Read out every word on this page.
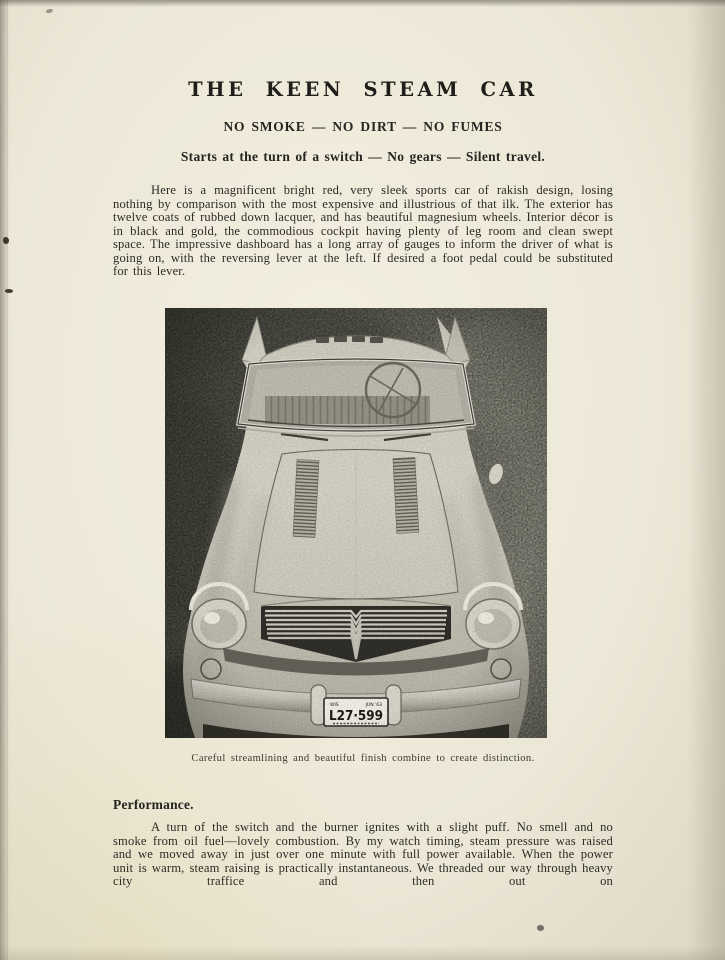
THE KEEN STEAM CAR
NO SMOKE — NO DIRT — NO FUMES
Starts at the turn of a switch — No gears — Silent travel.

Here is a magnificent bright red, very sleek sports car of rakish design, losing nothing by comparison with the most expensive and illustrious of that ilk. The exterior has twelve coats of rubbed down lacquer, and has beautiful magnesium wheels. Interior décor is in black and gold, the commodious cockpit having plenty of leg room and clean swept space. The impressive dashboard has a long array of gauges to inform the driver of what is going on, with the reversing lever at the left. If desired a foot pedal could be substituted for this lever.

Careful streamlining and beautiful finish combine to create distinction.
Performance.

A turn of the switch and the burner ignites with a slight puff. No smell and no smoke from oil fuel—lovely combustion. By my watch timing, steam pressure was raised and we moved away in just over one minute with full power available. When the power unit is warm, steam raising is practically instantaneous. We threaded our way through heavy city traffice and then out on
